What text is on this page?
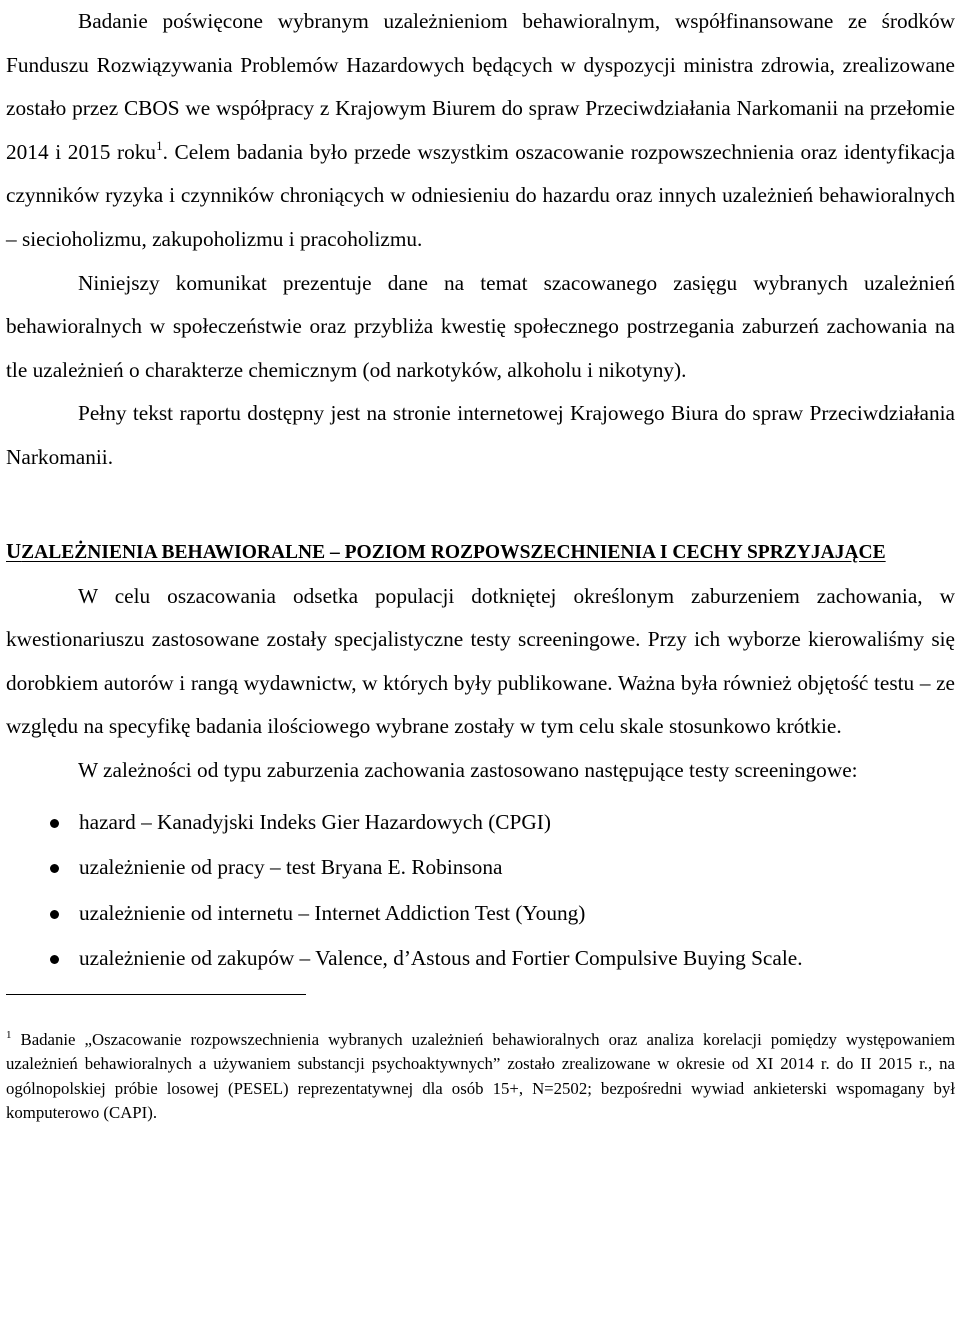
Badanie poświęcone wybranym uzależnieniom behawioralnym, współfinansowane ze środków Funduszu Rozwiązywania Problemów Hazardowych będących w dyspozycji ministra zdrowia, zrealizowane zostało przez CBOS we współpracy z Krajowym Biurem do spraw Przeciwdziałania Narkomanii na przełomie 2014 i 2015 roku$^1$. Celem badania było przede wszystkim oszacowanie rozpowszechnienia oraz identyfikacja czynników ryzyka i czynników chroniących w odniesieniu do hazardu oraz innych uzależnień behawioralnych – siecioholizmu, zakupoholizmu i pracoholizmu.

Niniejszy komunikat prezentuje dane na temat szacowanego zasięgu wybranych uzależnień behawioralnych w społeczeństwie oraz przybliża kwestię społecznego postrzegania zaburzeń zachowania na tle uzależnień o charakterze chemicznym (od narkotyków, alkoholu i nikotyny).

Pełny tekst raportu dostępny jest na stronie internetowej Krajowego Biura do spraw Przeciwdziałania Narkomanii.

UZALEŻNIENIA BEHAWIORALNE – POZIOM ROZPOWSZECHNIENIA I CECHY SPRZYJAJĄCE

W celu oszacowania odsetka populacji dotkniętej określonym zaburzeniem zachowania, w kwestionariuszu zastosowane zostały specjalistyczne testy screeningowe. Przy ich wyborze kierowaliśmy się dorobkiem autorów i rangą wydawnictw, w których były publikowane. Ważna była również objętość testu – ze względu na specyfikę badania ilościowego wybrane zostały w tym celu skale stosunkowo krótkie.

W zależności od typu zaburzenia zachowania zastosowano następujące testy screeningowe:

hazard – Kanadyjski Indeks Gier Hazardowych (CPGI)
uzależnienie od pracy – test Bryana E. Robinsona
uzależnienie od internetu – Internet Addiction Test (Young)
uzależnienie od zakupów – Valence, d’Astous and Fortier Compulsive Buying Scale.

$^1$ Badanie „Oszacowanie rozpowszechnienia wybranych uzależnień behawioralnych oraz analiza korelacji pomiędzy występowaniem uzależnień behawioralnych a używaniem substancji psychoaktywnych” zostało zrealizowane w okresie od XI 2014 r. do II 2015 r., na ogólnopolskiej próbie losowej (PESEL) reprezentatywnej dla osób 15+, N=2502; bezpośredni wywiad ankieterski wspomagany był komputerowo (CAPI).
